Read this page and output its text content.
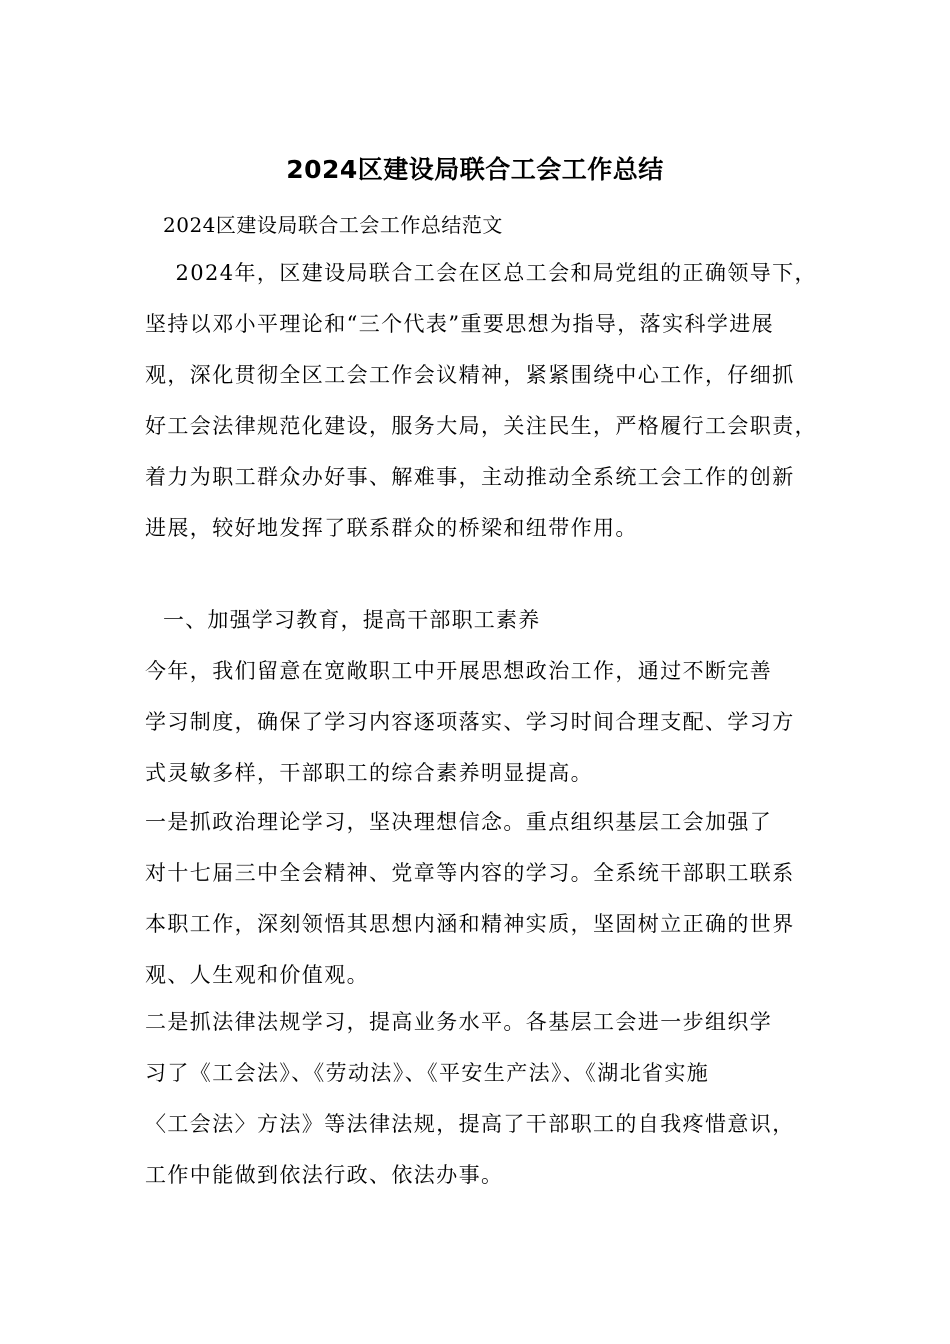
2024区建设局联合工会工作总结
2024区建设局联合工会工作总结范文
　 2024年，区建设局联合工会在区总工会和局党组的正确领导下，
坚持以邓小平理论和“三个代表”重要思想为指导，落实科学进展
观，深化贯彻全区工会工作会议精神，紧紧围绕中心工作，仔细抓
好工会法律规范化建设，服务大局，关注民生，严格履行工会职责，
着力为职工群众办好事、解难事，主动推动全系统工会工作的创新
进展，较好地发挥了联系群众的桥梁和纽带作用。
一、加强学习教育，提高干部职工素养
今年，我们留意在宽敞职工中开展思想政治工作，通过不断完善
学习制度，确保了学习内容逐项落实、学习时间合理支配、学习方
式灵敏多样，干部职工的综合素养明显提高。
一是抓政治理论学习，坚决理想信念。重点组织基层工会加强了
对十七届三中全会精神、党章等内容的学习。全系统干部职工联系
本职工作，深刻领悟其思想内涵和精神实质，坚固树立正确的世界
观、人生观和价值观。
二是抓法律法规学习，提高业务水平。各基层工会进一步组织学
习了《工会法》、《劳动法》、《平安生产法》、《湖北省实施
〈工会法〉方法》等法律法规，提高了干部职工的自我疼惜意识，
工作中能做到依法行政、依法办事。
